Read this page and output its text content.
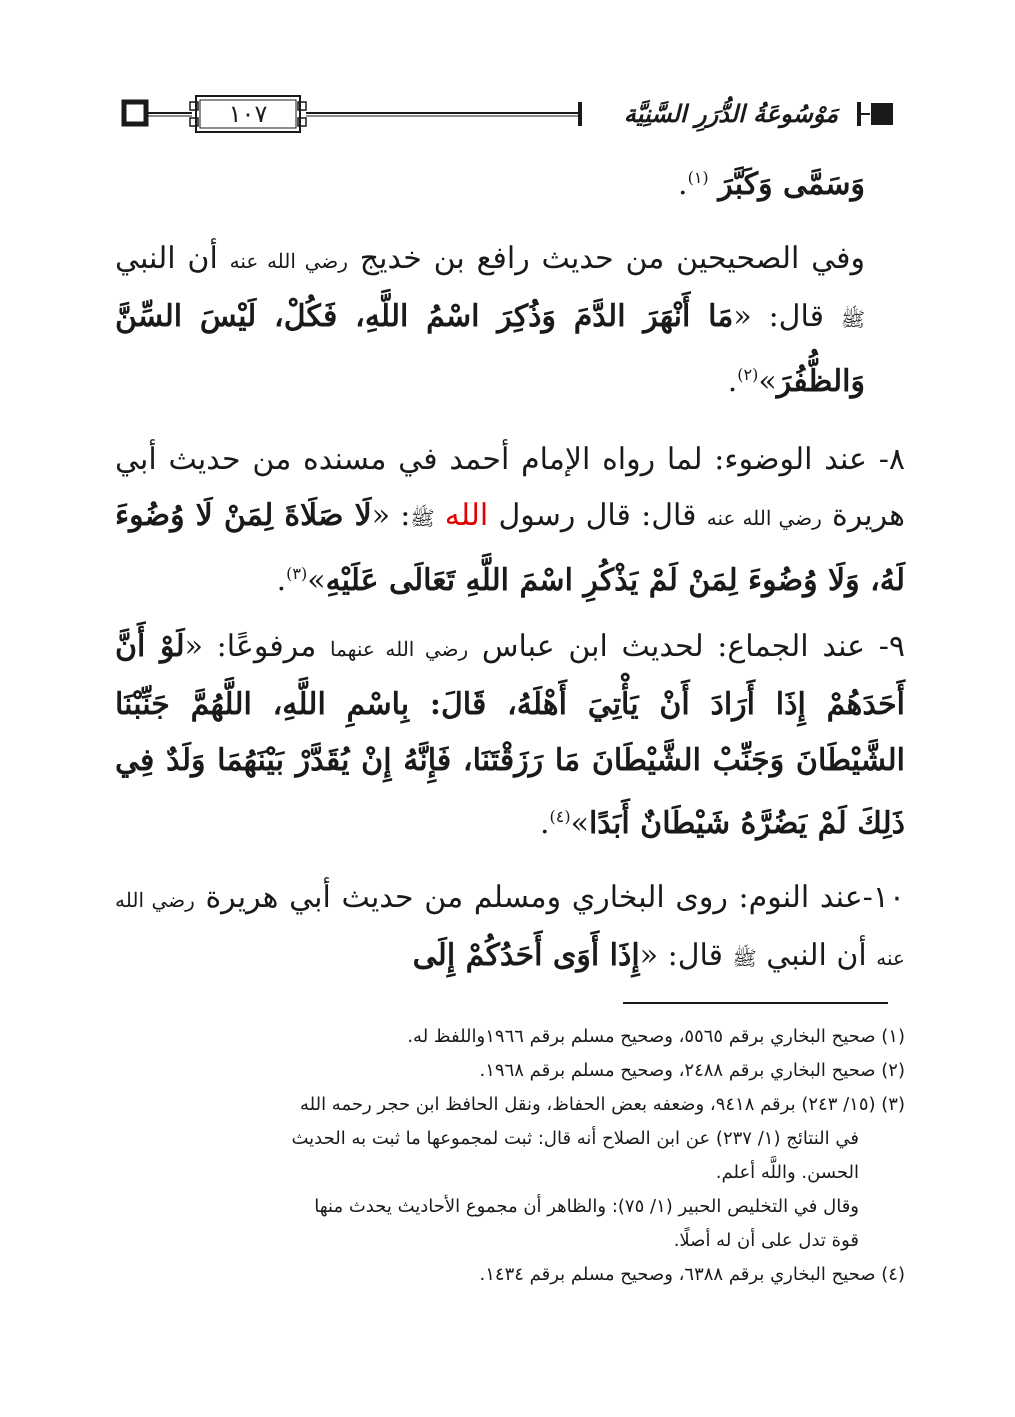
١٠٧	مَوْسُوعَةُ الدُّرَرِ السَّنِيَّة

وَسَمَّى وَكَبَّرَ $^{(١)}$.

وفي الصحيحين من حديث رافع بن خديج رضي الله عنه أن النبي ﷺ قال: «مَا أَنْهَرَ الدَّمَ وَذُكِرَ اسْمُ اللَّهِ، فَكُلْ، لَيْسَ السِّنَّ وَالظُّفُرَ»$^{(٢)}$.

٨- عند الوضوء: لما رواه الإمام أحمد في مسنده من حديث أبي هريرة رضي الله عنه قال: قال رسول الله ﷺ: «لَا صَلَاةَ لِمَنْ لَا وُضُوءَ لَهُ، وَلَا وُضُوءَ لِمَنْ لَمْ يَذْكُرِ اسْمَ اللَّهِ تَعَالَى عَلَيْهِ»$^{(٣)}$.

٩- عند الجماع: لحديث ابن عباس رضي الله عنهما مرفوعًا: «لَوْ أَنَّ أَحَدَهُمْ إِذَا أَرَادَ أَنْ يَأْتِيَ أَهْلَهُ، قَالَ: بِاسْمِ اللَّهِ، اللَّهُمَّ جَنِّبْنَا الشَّيْطَانَ وَجَنِّبْ الشَّيْطَانَ مَا رَزَقْتَنَا، فَإِنَّهُ إِنْ يُقَدَّرْ بَيْنَهُمَا وَلَدٌ فِي ذَلِكَ لَمْ يَضُرَّهُ شَيْطَانٌ أَبَدًا»$^{(٤)}$.

١٠-عند النوم: روى البخاري ومسلم من حديث أبي هريرة رضي الله عنه أن النبي ﷺ قال: «إِذَا أَوَى أَحَدُكُمْ إِلَى

(١) صحيح البخاري برقم ٥٥٦٥، وصحيح مسلم برقم ١٩٦٦واللفظ له.

(٢) صحيح البخاري برقم ٢٤٨٨، وصحيح مسلم برقم ١٩٦٨.

(٣) (١٥/ ٢٤٣) برقم ٩٤١٨، وضعفه بعض الحفاظ، ونقل الحافظ ابن حجر رحمه الله

في النتائج (١/ ٢٣٧) عن ابن الصلاح أنه قال: ثبت لمجموعها ما ثبت به الحديث

الحسن. واللَّه أعلم.

وقال في التخليص الحبير (١/ ٧٥): والظاهر أن مجموع الأحاديث يحدث منها

قوة تدل على أن له أصلًا.

(٤) صحيح البخاري برقم ٦٣٨٨، وصحيح مسلم برقم ١٤٣٤.
